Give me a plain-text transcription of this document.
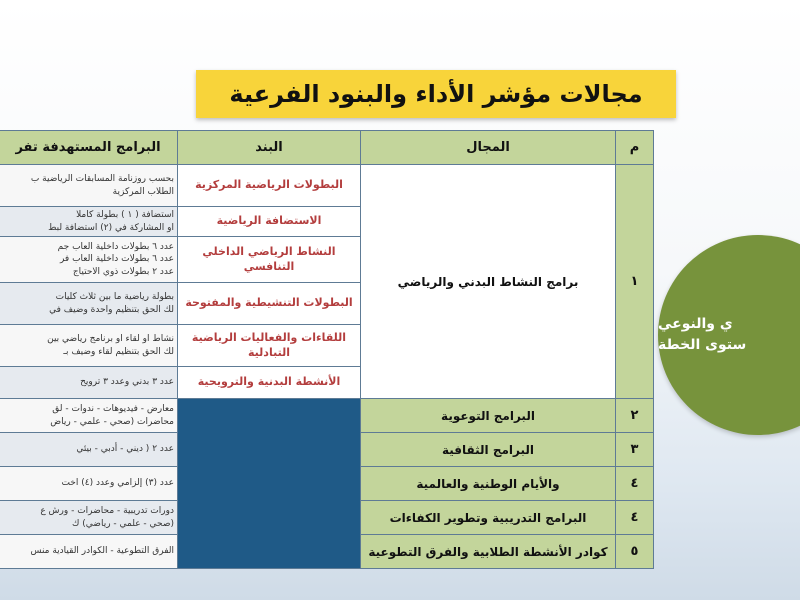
مجالات مؤشر الأداء والبنود الفرعية
م	المجال	البند	البرامج المستهدفة تفر
١	برامج النشاط البدني والرياضي	البطولات الرياضية المركزية	بحسب روزنامة المسابقات الرياضية ب
الطلاب المركزية

		الاستضافة الرياضية	استضافة ( ١ ) بطولة كاملا
او المشاركة في (٢) استضافة لبط

		النشاط الرياضي الداخلي التنافسي	عدد ٦ بطولات داخلية العاب جم
عدد ٦ بطولات داخلية العاب فر
عدد ٢ بطولات ذوي الاحتياج

		البطولات التنشيطية والمفتوحة	بطولة رياضية ما بين ثلاث كليات
لك الحق بتنظيم واحدة وضيف في

		اللقاءات والفعاليات الرياضية التبادلية	نشاط او لقاء او برنامج رياضي بين
لك الحق بتنظيم لقاء وضيف بـ

		الأنشطة البدنية والترويحية	عدد ٣ بدني وعدد ٣ ترويح

٢	البرامج التوعوية		معارض - فيديوهات - ندوات - لق
محاضرات (صحي - علمي - رياض

٣	البرامج الثقافية		عدد ٢ ( ديني - أدبي - بيئي

٤	والأيام الوطنية والعالمية		عدد (٣) إلزامي وعدد (٤) اخت

٤	البرامج التدريبية وتطوير الكفاءات		دورات تدريبية - محاضرات - ورش ع
(صحي - علمي - رياضي) ك

٥	كوادر الأنشطة الطلابية والفرق التطوعية		الفرق التطوعية - الكوادر القيادية منس
ي والنوعي
ستوى الخطة
